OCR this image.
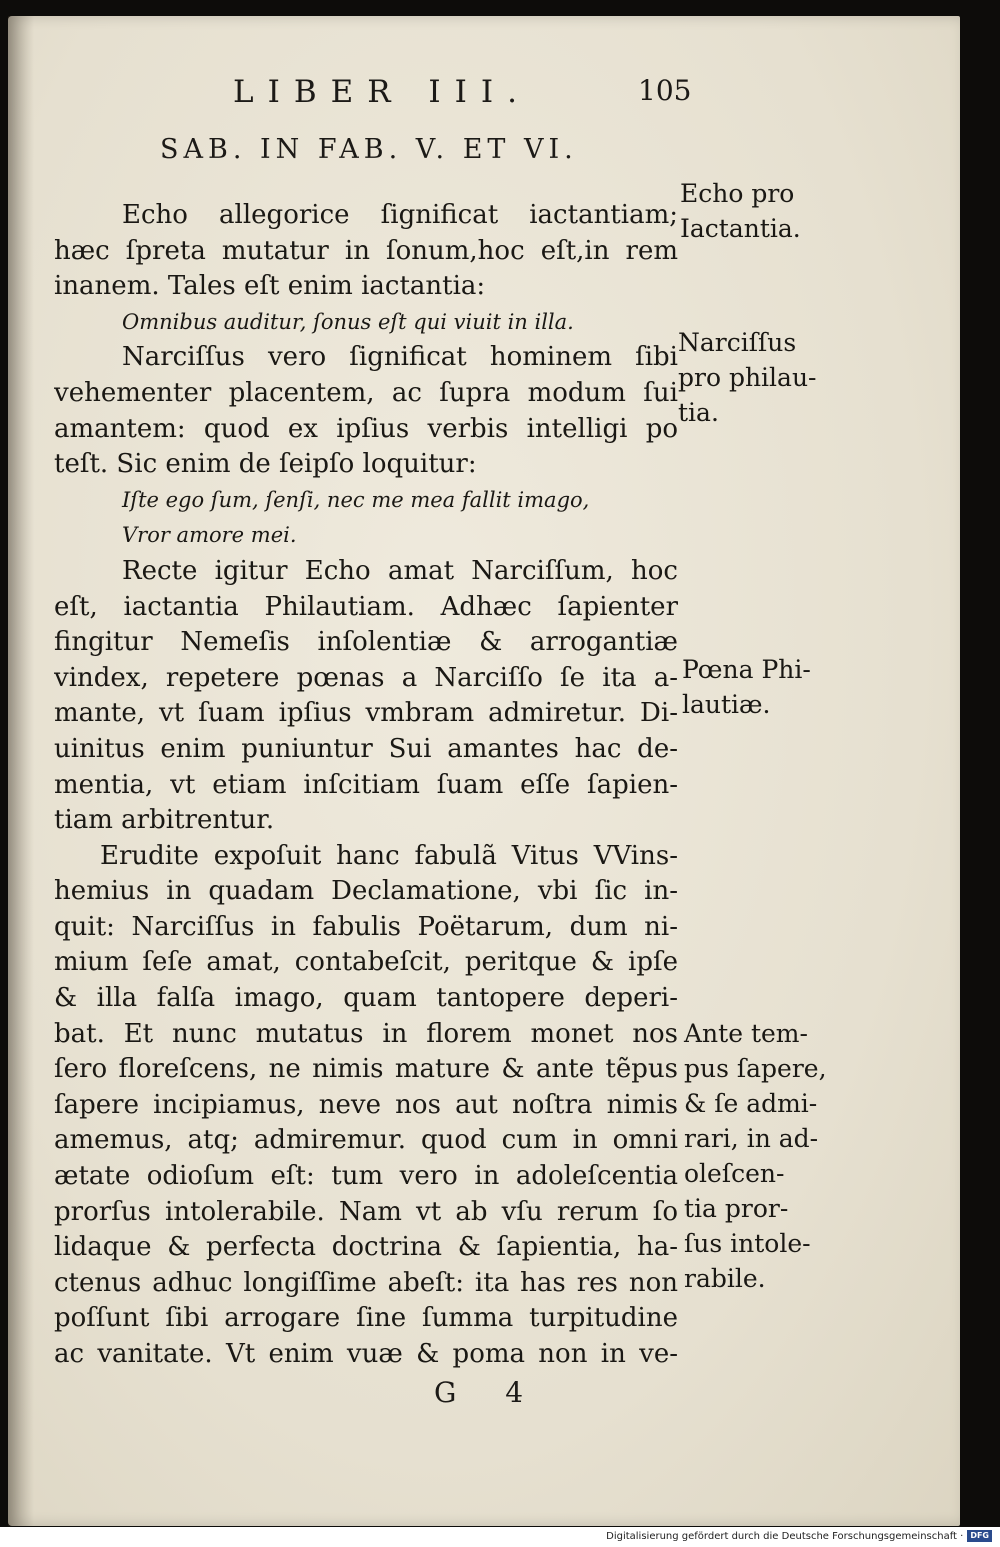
LIBER III.	105
SAB. IN FAB. V. ET VI.
Echo allegorice ſignificat iactantiam;
hæc ſpreta mutatur in ſonum,hoc eſt,in rem
inanem. Tales eſt enim iactantia:
Omnibus auditur, ſonus eſt qui viuit in illa.
Narciſſus vero ſignificat hominem ſibi
vehementer placentem, ac ſupra modum ſui
amantem: quod ex ipſius verbis intelligi po
teſt. Sic enim de ſeipſo loquitur:
Iſte ego ſum, ſenſi, nec me mea fallit imago,
Vror amore mei.
Recte igitur Echo amat Narciſſum, hoc
eſt, iactantia Philautiam. Adhæc ſapienter
fingitur Nemeſis inſolentiæ & arrogantiæ
vindex, repetere pœnas a Narciſſo ſe ita a-
mante, vt ſuam ipſius vmbram admiretur. Di-
uinitus enim puniuntur Sui amantes hac de-
mentia, vt etiam inſcitiam ſuam eſſe ſapien-
tiam arbitrentur.
Erudite expoſuit hanc fabulã Vitus VVins-
hemius in quadam Declamatione, vbi ſic in-
quit: Narciſſus in fabulis Poëtarum, dum ni-
mium ſeſe amat, contabeſcit, peritque & ipſe
& illa falſa imago, quam tantopere deperi-
bat. Et nunc mutatus in florem monet nos
ſero floreſcens, ne nimis mature & ante tẽpus
ſapere incipiamus, neve nos aut noſtra nimis
amemus, atq; admiremur. quod cum in omni
ætate odioſum eſt: tum vero in adoleſcentia
prorſus intolerabile. Nam vt ab vſu rerum ſo
lidaque & perfecta doctrina & ſapientia, ha-
ctenus adhuc longiſſime abeſt: ita has res non
poſſunt ſibi arrogare ſine ſumma turpitudine
ac vanitate. Vt enim vuæ & poma non in ve-
Echo pro
Iactantia.
Narciſſus
pro philau-
tia.
Pœna Phi-
lautiæ.
Ante tem-
pus ſapere,
& ſe admi-
rari, in ad-
oleſcen-
tia pror-
ſus intole-
rabile.
G 4
Digitalisierung gefördert durch die Deutsche Forschungsgemeinschaft · DFG
